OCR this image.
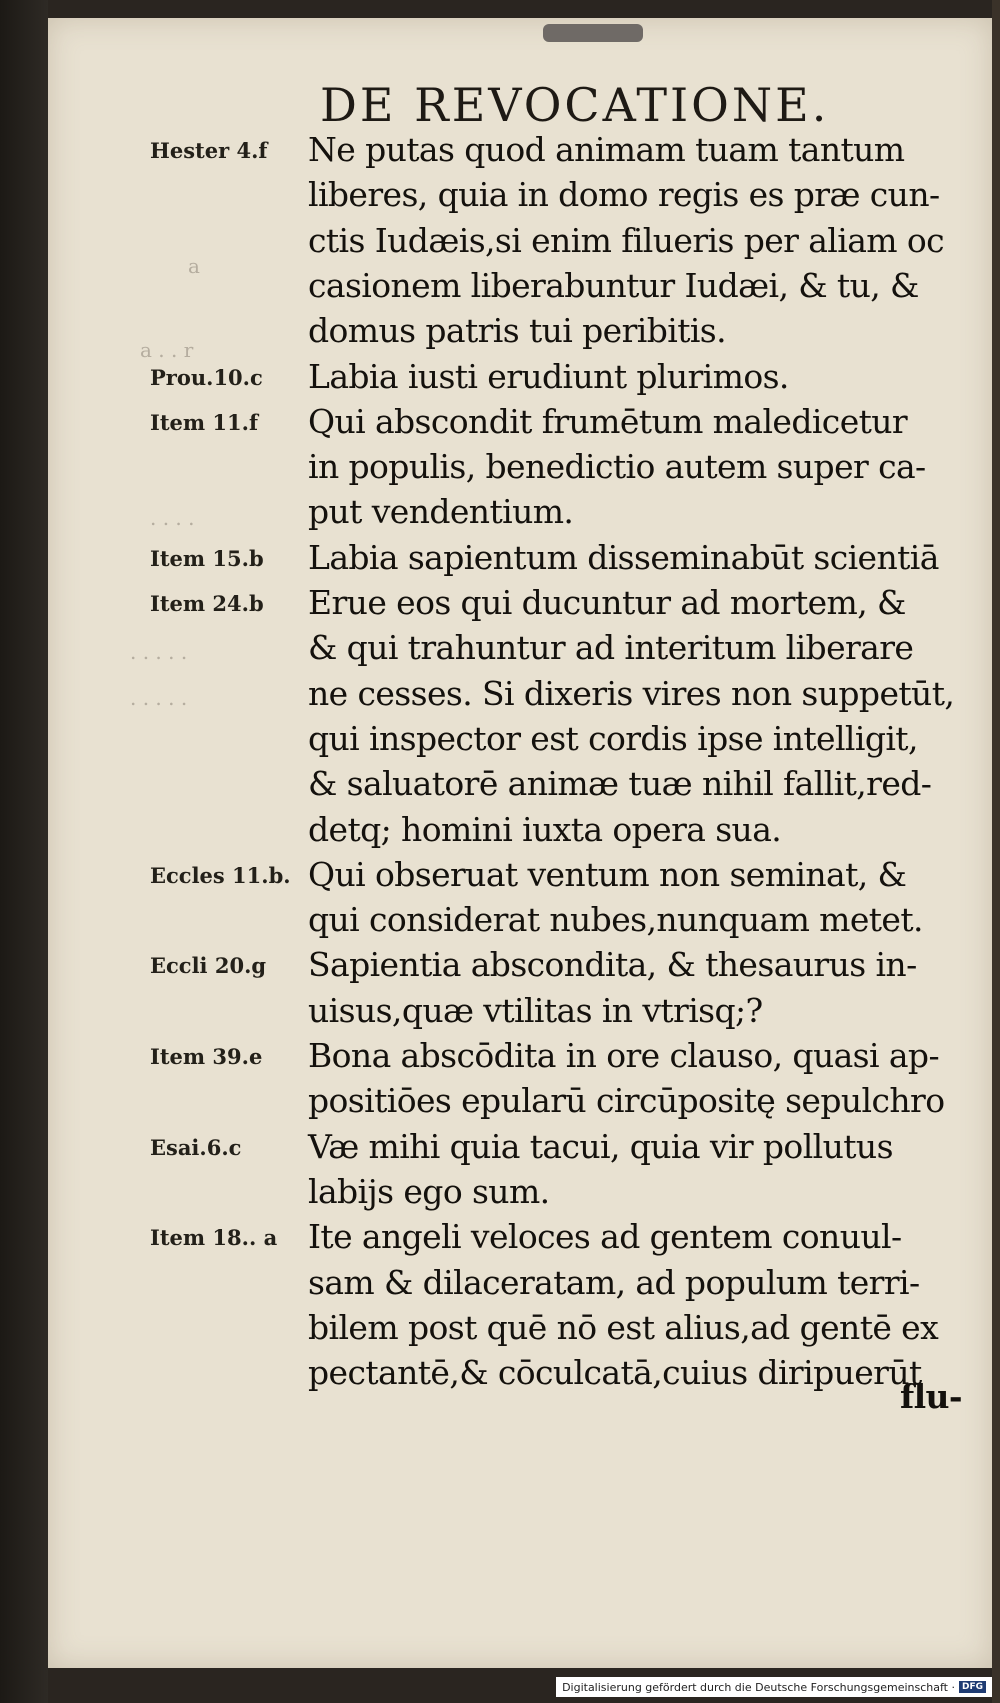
DE REVOCATIONE.
Hester 4.f	Ne putas quod animam tuam tantum
liberes, quia in domo regis es præ cun-
ctis Iudæis,si enim filueris per aliam oc
casionem liberabuntur Iudæi, & tu, &
domus patris tui peribitis.
Prou.10.c	Labia iusti erudiunt plurimos.
Item 11.f	Qui abscondit frumētum maledicetur
in populis, benedictio autem super ca-
put vendentium.
Item 15.b	Labia sapientum disseminabūt scientiā
Item 24.b	Erue eos qui ducuntur ad mortem, &
& qui trahuntur ad interitum liberare
ne cesses. Si dixeris vires non suppetūt,
qui inspector est cordis ipse intelligit,
& saluatorē animæ tuæ nihil fallit,red-
detq; homini iuxta opera sua.
Eccles 11.b. Qui obseruat ventum non seminat, &
qui considerat nubes,nunquam metet.
Eccli 20.g	Sapientia abscondita, & thesaurus in-
uisus,quæ vtilitas in vtrisq;?
Item 39.e	Bona abscōdita in ore clauso, quasi ap-
positiōes epularū circūpositę sepulchro
Esai.6.c	Væ mihi quia tacui, quia vir pollutus
labijs ego sum.
Item 18.. a Ite angeli veloces ad gentem conuul-
sam & dilaceratam, ad populum terri-
bilem post quē nō est alius,ad gentē ex
pectantē,& cōculcatā,cuius diripuerūt
flu-
a
a . . r
. . . .
. . . . .
. . . . .
Digitalisierung gefördert durch die Deutsche Forschungsgemeinschaft · DFG
